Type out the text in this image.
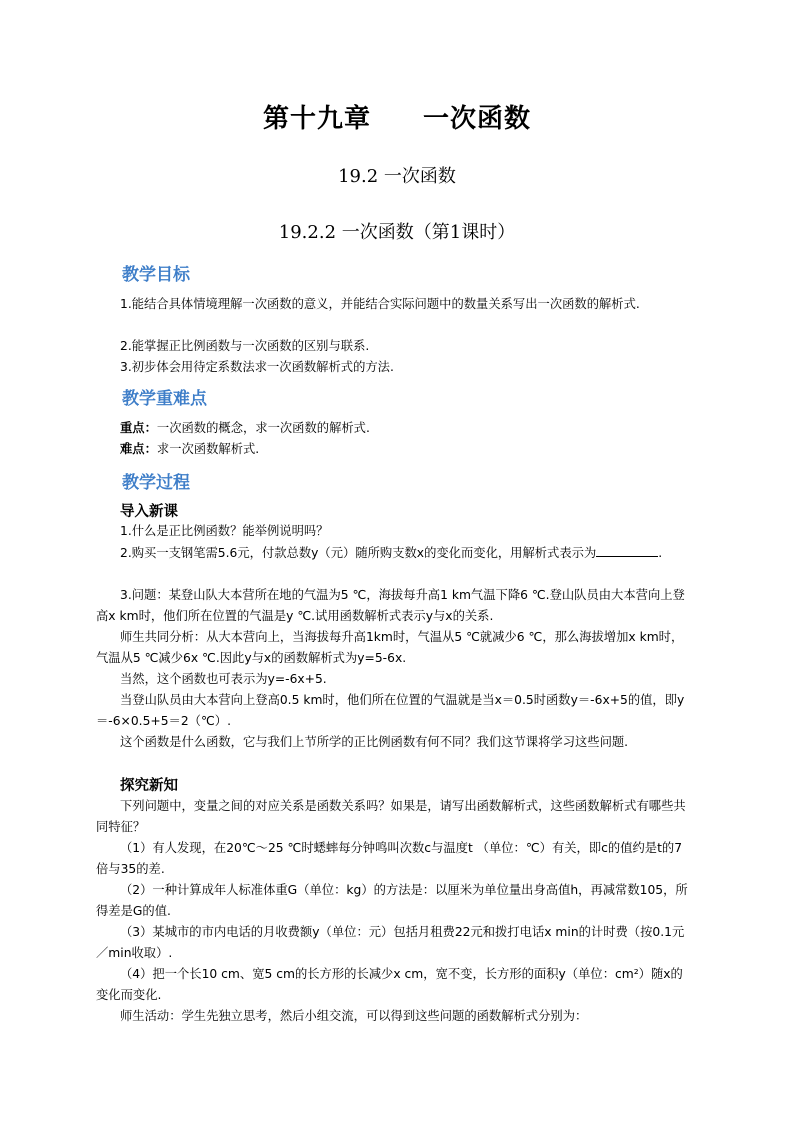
第十九章 一次函数
19.2 一次函数
19.2.2 一次函数（第1课时）
教学目标
1.能结合具体情境理解一次函数的意义，并能结合实际问题中的数量关系写出一次函数的解析式.
2.能掌握正比例函数与一次函数的区别与联系.
3.初步体会用待定系数法求一次函数解析式的方法.
教学重难点
重点：一次函数的概念，求一次函数的解析式.
难点：求一次函数解析式.
教学过程
导入新课
1.什么是正比例函数？能举例说明吗？
2.购买一支钢笔需5.6元，付款总数y（元）随所购支数x的变化而变化，用解析式表示为	.
3.问题：某登山队大本营所在地的气温为5 ℃，海拔每升高1 km气温下降6 ℃.登山队员由大本营向上登高x km时，他们所在位置的气温是y ℃.试用函数解析式表示y与x的关系.
师生共同分析：从大本营向上，当海拔每升高1km时，气温从5 ℃就减少6 ℃，那么海拔增加x km时，气温从5 ℃减少6x ℃.因此y与x的函数解析式为y=5-6x.
当然，这个函数也可表示为y=-6x+5.
当登山队员由大本营向上登高0.5 km时，他们所在位置的气温就是当x＝0.5时函数y＝-6x+5的值，即y＝-6×0.5+5＝2（℃）.
这个函数是什么函数，它与我们上节所学的正比例函数有何不同？我们这节课将学习这些问题.
探究新知
下列问题中，变量之间的对应关系是函数关系吗？如果是，请写出函数解析式，这些函数解析式有哪些共同特征？
（1）有人发现，在20℃～25 ℃时蟋蟀每分钟鸣叫次数c与温度t （单位：℃）有关，即c的值约是t的7倍与35的差.
（2）一种计算成年人标准体重G（单位：kg）的方法是：以厘米为单位量出身高值h，再减常数105，所得差是G的值.
（3）某城市的市内电话的月收费额y（单位：元）包括月租费22元和拨打电话x min的计时费（按0.1元／min收取）.
（4）把一个长10 cm、宽5 cm的长方形的长减少x cm，宽不变，长方形的面积y（单位：cm²）随x的变化而变化.
师生活动：学生先独立思考，然后小组交流，可以得到这些问题的函数解析式分别为：
